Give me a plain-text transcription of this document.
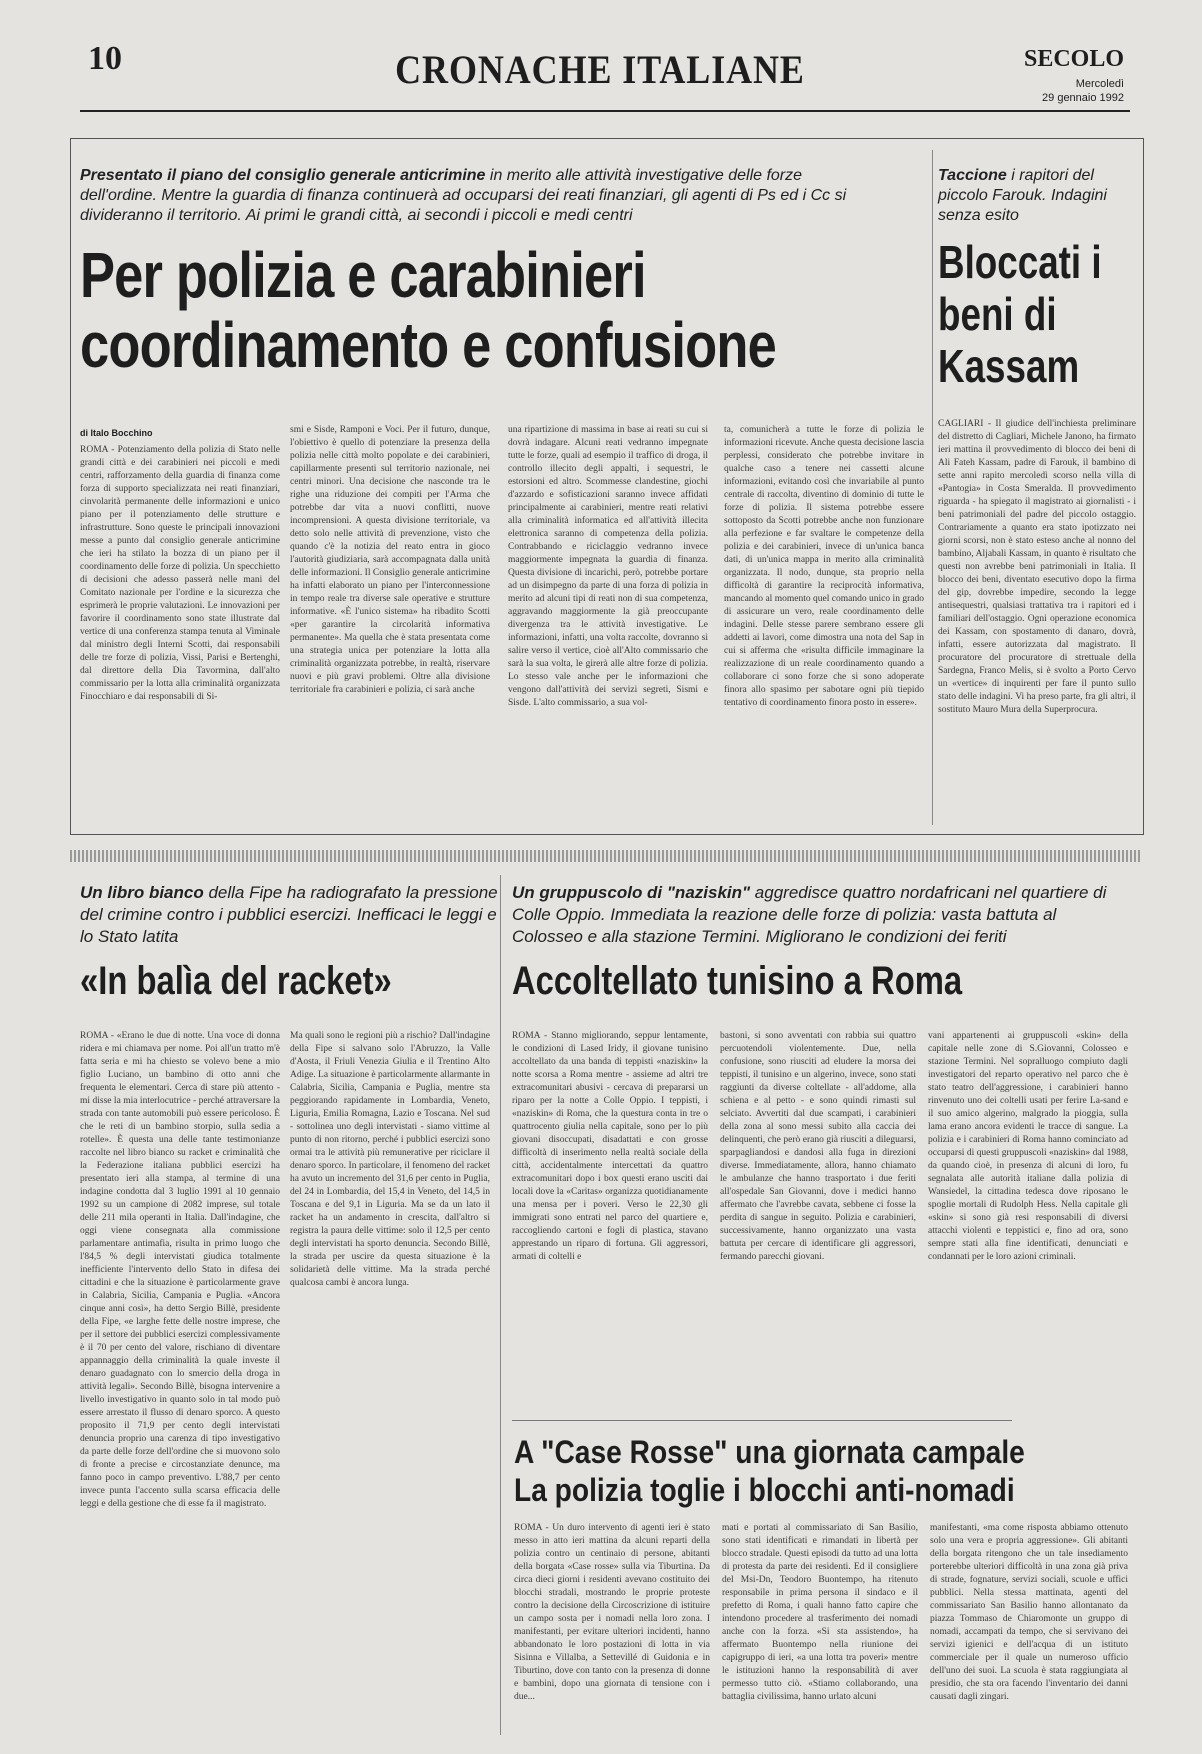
10	CRONACHE ITALIANE	SECOLO
Mercoledì
29 gennaio 1992
Presentato il piano del consiglio generale anticrimine in merito alle attività investigative delle forze dell'ordine. Mentre la guardia di finanza continuerà ad occuparsi dei reati finanziari, gli agenti di Ps ed i Cc si divideranno il territorio. Ai primi le grandi città, ai secondi i piccoli e medi centri
Per polizia e carabinieri
coordinamento e confusione
di Italo Bocchino
ROMA - Potenziamento della polizia di Stato nelle grandi città e dei carabinieri nei piccoli e medi centri, rafforzamento della guardia di finanza come forza di supporto specializzata nei reati finanziari, cinvolarità permanente delle informazioni e unico piano per il potenziamento delle strutture e infrastrutture. Sono queste le principali innovazioni messe a punto dal consiglio generale anticrimine che ieri ha stilato la bozza di un piano per il coordinamento delle forze di polizia. Un specchietto di decisioni che adesso passerà nelle mani del Comitato nazionale per l'ordine e la sicurezza che esprimerà le proprie valutazioni. Le innovazioni per favorire il coordinamento sono state illustrate dal vertice di una conferenza stampa tenuta al Viminale dal ministro degli Interni Scotti, dai responsabili delle tre forze di polizia, Vissi, Parisi e Bertenghi, dal direttore della Dia Tavormina, dall'alto commissario per la lotta alla criminalità organizzata Finocchiaro e dai responsabili di Si-
smi e Sisde, Ramponi e Voci. Per il futuro, dunque, l'obiettivo è quello di potenziare la presenza della polizia nelle città molto popolate e dei carabinieri, capillarmente presenti sul territorio nazionale, nei centri minori. Una decisione che nasconde tra le righe una riduzione dei compiti per l'Arma che potrebbe dar vita a nuovi conflitti, nuove incomprensioni. A questa divisione territoriale, va detto solo nelle attività di prevenzione, visto che quando c'è la notizia del reato entra in gioco l'autorità giudiziaria, sarà accompagnata dalla unità delle informazioni. Il Consiglio generale anticrimine ha infatti elaborato un piano per l'interconnessione in tempo reale tra diverse sale operative e strutture informative. «È l'unico sistema» ha ribadito Scotti «per garantire la circolarità informativa permanente». Ma quella che è stata presentata come una strategia unica per potenziare la lotta alla criminalità organizzata potrebbe, in realtà, riservare nuovi e più gravi problemi. Oltre alla divisione territoriale fra carabinieri e polizia, ci sarà anche
una ripartizione di massima in base ai reati su cui si dovrà indagare. Alcuni reati vedranno impegnate tutte le forze, quali ad esempio il traffico di droga, il controllo illecito degli appalti, i sequestri, le estorsioni ed altro. Scommesse clandestine, giochi d'azzardo e sofisticazioni saranno invece affidati principalmente ai carabinieri, mentre reati relativi alla criminalità informatica ed all'attività illecita elettronica saranno di competenza della polizia. Contrabbando e riciclaggio vedranno invece maggiormente impegnata la guardia di finanza. Questa divisione di incarichi, però, potrebbe portare ad un disimpegno da parte di una forza di polizia in merito ad alcuni tipi di reati non di sua competenza, aggravando maggiormente la già preoccupante divergenza tra le attività investigative. Le informazioni, infatti, una volta raccolte, dovranno sì salire verso il vertice, cioè all'Alto commissario che sarà la sua volta, le girerà alle altre forze di polizia. Lo stesso vale anche per le informazioni che vengono dall'attività dei servizi segreti, Sismi e Sisde. L'alto commissario, a sua vol-
ta, comunicherà a tutte le forze di polizia le informazioni ricevute. Anche questa decisione lascia perplessi, considerato che potrebbe invitare in qualche caso a tenere nei cassetti alcune informazioni, evitando così che invariabile al punto centrale di raccolta, diventino di dominio di tutte le forze di polizia. Il sistema potrebbe essere sottoposto da Scotti potrebbe anche non funzionare alla perfezione e far svaltare le competenze della polizia e dei carabinieri, invece di un'unica banca dati, di un'unica mappa in merito alla criminalità organizzata. Il nodo, dunque, sta proprio nella difficoltà di garantire la reciprocità informativa, mancando al momento quel comando unico in grado di assicurare un vero, reale coordinamento delle indagini. Delle stesse parere sembrano essere gli addetti ai lavori, come dimostra una nota del Sap in cui si afferma che «risulta difficile immaginare la realizzazione di un reale coordinamento quando a collaborare ci sono forze che si sono adoperate finora allo spasimo per sabotare ogni più tiepido tentativo di coordinamento finora posto in essere».
Taccione i rapitori del piccolo Farouk. Indagini senza esito
Bloccati i beni di Kassam
CAGLIARI - Il giudice dell'inchiesta preliminare del distretto di Cagliari, Michele Janono, ha firmato ieri mattina il provvedimento di blocco dei beni di Ali Fateh Kassam, padre di Farouk, il bambino di sette anni rapito mercoledì scorso nella villa di «Pantogia» in Costa Smeralda. Il provvedimento riguarda - ha spiegato il magistrato ai giornalisti - i beni patrimoniali del padre del piccolo ostaggio. Contrariamente a quanto era stato ipotizzato nei giorni scorsi, non è stato esteso anche al nonno del bambino, Aljabali Kassam, in quanto è risultato che questi non avrebbe beni patrimoniali in Italia. Il blocco dei beni, diventato esecutivo dopo la firma del gip, dovrebbe impedire, secondo la legge antisequestri, qualsiasi trattativa tra i rapitori ed i familiari dell'ostaggio. Ogni operazione economica dei Kassam, con spostamento di danaro, dovrà, infatti, essere autorizzata dal magistrato. Il procuratore del procuratore di strettuale della Sardegna, Franco Melis, si è svolto a Porto Cervo un «vertice» di inquirenti per fare il punto sullo stato delle indagini. Vi ha preso parte, fra gli altri, il sostituto Mauro Mura della Superprocura.
Un libro bianco della Fipe ha radiografato la pressione del crimine contro i pubblici esercizi. Inefficaci le leggi e lo Stato latita
«In balìa del racket»
ROMA - «Erano le due di notte. Una voce di donna ridera e mi chiamava per nome. Poi all'un tratto m'è fatta seria e mi ha chiesto se volevo bene a mio figlio Luciano, un bambino di otto anni che frequenta le elementari. Cerca di stare più attento - mi disse la mia interlocutrice - perché attraversare la strada con tante automobili può essere pericoloso. È che le reti di un bambino storpio, sulla sedia a rotelle». È questa una delle tante testimonianze raccolte nel libro bianco su racket e criminalità che la Federazione italiana pubblici esercizi ha presentato ieri alla stampa, al termine di una indagine condotta dal 3 luglio 1991 al 10 gennaio 1992 su un campione di 2082 imprese, sul totale delle 211 mila operanti in Italia. Dall'indagine, che oggi viene consegnata alla commissione parlamentare antimafia, risulta in primo luogo che l'84,5 % degli intervistati giudica totalmente inefficiente l'intervento dello Stato in difesa dei cittadini e che la situazione è particolarmente grave in Calabria, Sicilia, Campania e Puglia. «Ancora cinque anni così», ha detto Sergio Billè, presidente della Fipe, «e larghe fette delle nostre imprese, che per il settore dei pubblici esercizi complessivamente è il 70 per cento del valore, rischiano di diventare appannaggio della criminalità la quale investe il denaro guadagnato con lo smercio della droga in attività legali». Secondo Billè, bisogna intervenire a livello investigativo in quanto solo in tal modo può essere arrestato il flusso di denaro sporco. A questo proposito il 71,9 per cento degli intervistati denuncia proprio una carenza di tipo investigativo da parte delle forze dell'ordine che si muovono solo di fronte a precise e circostanziate denunce, ma fanno poco in campo preventivo. L'88,7 per cento invece punta l'accento sulla scarsa efficacia delle leggi e della gestione che di esse fa il magistrato.
Ma quali sono le regioni più a rischio? Dall'indagine della Fipe si salvano solo l'Abruzzo, la Valle d'Aosta, il Friuli Venezia Giulia e il Trentino Alto Adige. La situazione è particolarmente allarmante in Calabria, Sicilia, Campania e Puglia, mentre sta peggiorando rapidamente in Lombardia, Veneto, Liguria, Emilia Romagna, Lazio e Toscana. Nel sud - sottolinea uno degli intervistati - siamo vittime al punto di non ritorno, perché i pubblici esercizi sono ormai tra le attività più remunerative per riciclare il denaro sporco. In particolare, il fenomeno del racket ha avuto un incremento del 31,6 per cento in Puglia, del 24 in Lombardia, del 15,4 in Veneto, del 14,5 in Toscana e del 9,1 in Liguria. Ma se da un lato il racket ha un andamento in crescita, dall'altro si registra la paura delle vittime: solo il 12,5 per cento degli intervistati ha sporto denuncia. Secondo Billè, la strada per uscire da questa situazione è la solidarietà delle vittime. Ma la strada perché qualcosa cambi è ancora lunga.
Un gruppuscolo di "naziskin" aggredisce quattro nordafricani nel quartiere di Colle Oppio. Immediata la reazione delle forze di polizia: vasta battuta al Colosseo e alla stazione Termini. Migliorano le condizioni dei feriti
Accoltellato tunisino a Roma
ROMA - Stanno migliorando, seppur lentamente, le condizioni di Lased Iridy, il giovane tunisino accoltellato da una banda di teppisti «naziskin» la notte scorsa a Roma mentre - assieme ad altri tre extracomunitari abusivi - cercava di prepararsi un riparo per la notte a Colle Oppio. I teppisti, i «naziskin» di Roma, che la questura conta in tre o quattrocento giulia nella capitale, sono per lo più giovani disoccupati, disadattati e con grosse difficoltà di inserimento nella realtà sociale della città, accidentalmente intercettati da quattro extracomunitari dopo i box questi erano usciti dai locali dove la «Caritas» organizza quotidianamente una mensa per i poveri. Verso le 22,30 gli immigrati sono entrati nel parco del quartiere e, raccogliendo cartoni e fogli di plastica, stavano apprestando un riparo di fortuna. Gli aggressori, armati di coltelli e
bastoni, si sono avventati con rabbia sui quattro percuotendoli violentemente. Due, nella confusione, sono riusciti ad eludere la morsa dei teppisti, il tunisino e un algerino, invece, sono stati raggiunti da diverse coltellate - all'addome, alla schiena e al petto - e sono quindi rimasti sul selciato. Avvertiti dal due scampati, i carabinieri della zona al sono messi subito alla caccia dei delinquenti, che però erano già riusciti a dileguarsi, sparpagliandosi e dandosi alla fuga in direzioni diverse. Immediatamente, allora, hanno chiamato le ambulanze che hanno trasportato i due feriti all'ospedale San Giovanni, dove i medici hanno affermato che l'avrebbe cavata, sebbene ci fosse la perdita di sangue in seguito. Polizia e carabinieri, successivamente, hanno organizzato una vasta battuta per cercare di identificare gli aggressori, fermando parecchi giovani.
vani appartenenti ai gruppuscoli «skin» della capitale nelle zone di S.Giovanni, Colosseo e stazione Termini. Nel sopralluogo compiuto dagli investigatori del reparto operativo nel parco che è stato teatro dell'aggressione, i carabinieri hanno rinvenuto uno dei coltelli usati per ferire La-sand e il suo amico algerino, malgrado la pioggia, sulla lama erano ancora evidenti le tracce di sangue. La polizia e i carabinieri di Roma hanno cominciato ad occuparsi di questi gruppuscoli «naziskin» dal 1988, da quando cioè, in presenza di alcuni di loro, fu segnalata alle autorità italiane dalla polizia di Wansiedel, la cittadina tedesca dove riposano le spoglie mortali di Rudolph Hess. Nella capitale gli «skin» si sono già resi responsabili di diversi attacchi violenti e teppistici e, fino ad ora, sono sempre stati alla fine identificati, denunciati e condannati per le loro azioni criminali.
A "Case Rosse" una giornata campale
La polizia toglie i blocchi anti-nomadi
ROMA - Un duro intervento di agenti ieri è stato messo in atto ieri mattina da alcuni reparti della polizia contro un centinaio di persone, abitanti della borgata «Case rosse» sulla via Tiburtina. Da circa dieci giorni i residenti avevano costituito dei blocchi stradali, mostrando le proprie proteste contro la decisione della Circoscrizione di istituire un campo sosta per i nomadi nella loro zona. I manifestanti, per evitare ulteriori incidenti, hanno abbandonato le loro postazioni di lotta in via Sisinna e Villalba, a Settevillé di Guidonia e in Tiburtino, dove con tanto con la presenza di donne e bambini, dopo una giornata di tensione con i due...
mati e portati al commissariato di San Basilio, sono stati identificati e rimandati in libertà per blocco stradale. Questi episodi da tutto ad una lotta di protesta da parte dei residenti. Ed il consigliere del Msi-Dn, Teodoro Buontempo, ha ritenuto responsabile in prima persona il sindaco e il prefetto di Roma, i quali hanno fatto capire che intendono procedere al trasferimento dei nomadi anche con la forza. «Si sta assistendo», ha affermato Buontempo nella riunione dei capigruppo di ieri, «a una lotta tra poveri» mentre le istituzioni hanno la responsabilità di aver permesso tutto ciò. «Stiamo collaborando, una battaglia civilissima, hanno urlato alcuni
manifestanti, «ma come risposta abbiamo ottenuto solo una vera e propria aggressione». Gli abitanti della borgata ritengono che un tale insediamento porterebbe ulteriori difficoltà in una zona già priva di strade, fognature, servizi sociali, scuole e uffici pubblici. Nella stessa mattinata, agenti del commissariato San Basilio hanno allontanato da piazza Tommaso de Chiaromonte un gruppo di nomadi, accampati da tempo, che si servivano dei servizi igienici e dell'acqua di un istituto commerciale per il quale un numeroso ufficio dell'uno dei suoi. La scuola è stata raggiungiata al presidio, che sta ora facendo l'inventario dei danni causati dagli zingari.
